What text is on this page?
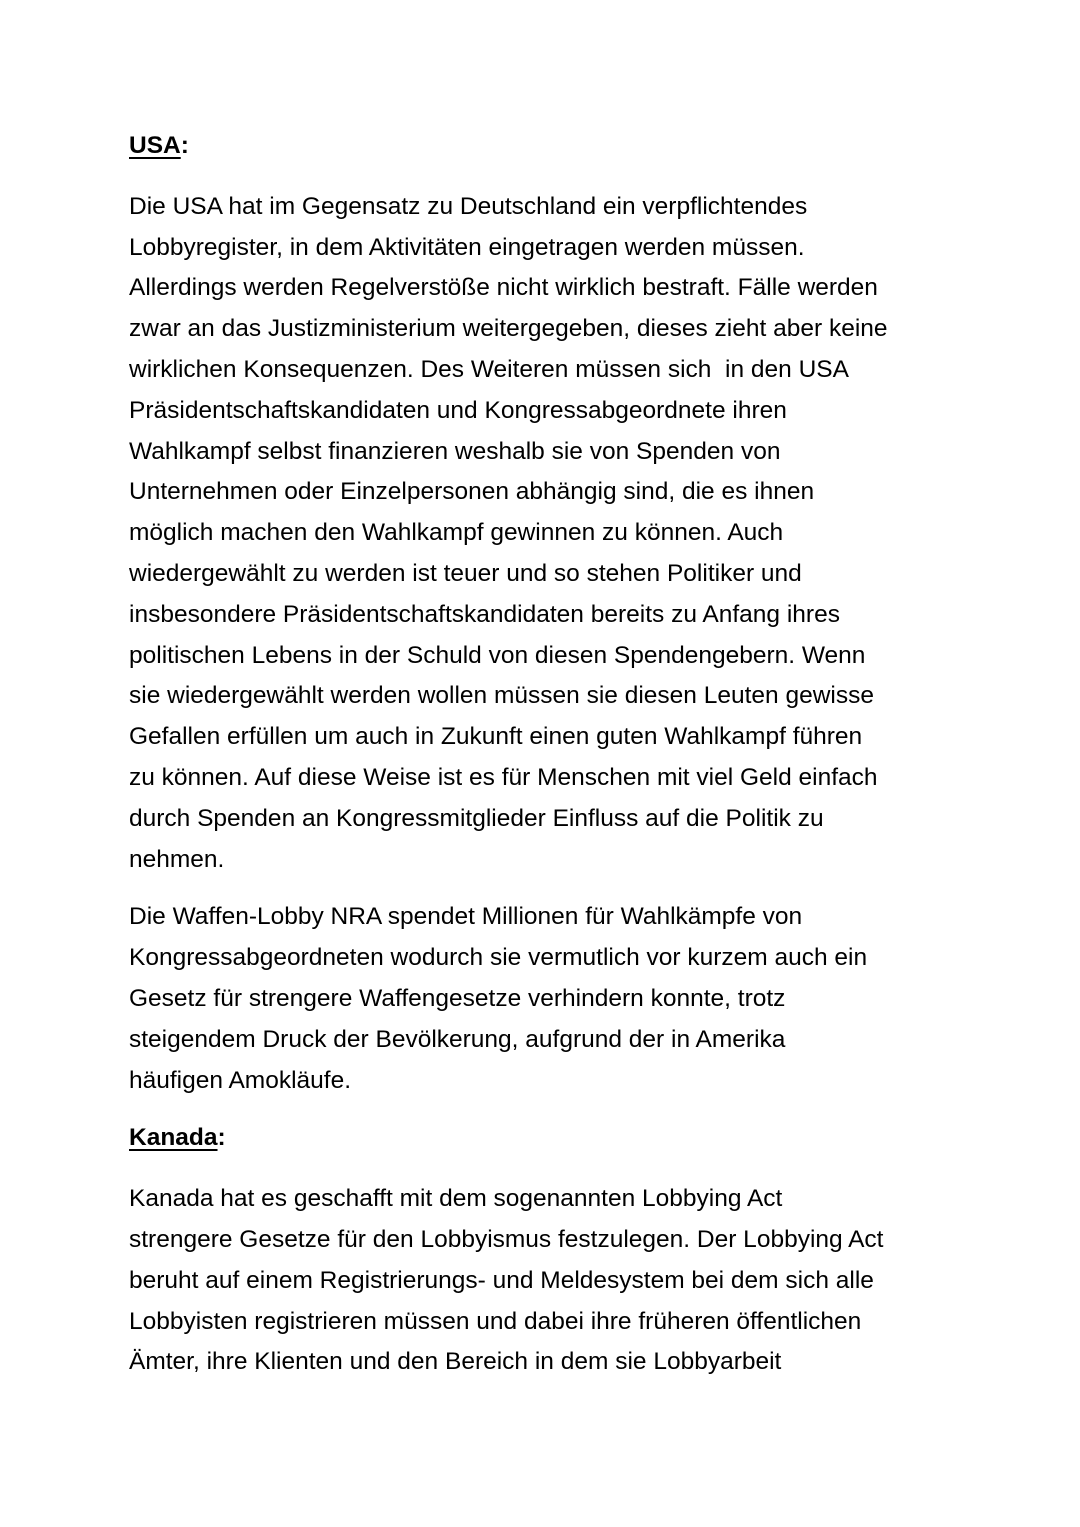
USA:

Die USA hat im Gegensatz zu Deutschland ein verpflichtendes
Lobbyregister, in dem Aktivitäten eingetragen werden müssen.
Allerdings werden Regelverstöße nicht wirklich bestraft. Fälle werden
zwar an das Justizministerium weitergegeben, dieses zieht aber keine
wirklichen Konsequenzen. Des Weiteren müssen sich  in den USA
Präsidentschaftskandidaten und Kongressabgeordnete ihren
Wahlkampf selbst finanzieren weshalb sie von Spenden von
Unternehmen oder Einzelpersonen abhängig sind, die es ihnen
möglich machen den Wahlkampf gewinnen zu können. Auch
wiedergewählt zu werden ist teuer und so stehen Politiker und
insbesondere Präsidentschaftskandidaten bereits zu Anfang ihres
politischen Lebens in der Schuld von diesen Spendengebern. Wenn
sie wiedergewählt werden wollen müssen sie diesen Leuten gewisse
Gefallen erfüllen um auch in Zukunft einen guten Wahlkampf führen
zu können. Auf diese Weise ist es für Menschen mit viel Geld einfach
durch Spenden an Kongressmitglieder Einfluss auf die Politik zu
nehmen.

Die Waffen-Lobby NRA spendet Millionen für Wahlkämpfe von
Kongressabgeordneten wodurch sie vermutlich vor kurzem auch ein
Gesetz für strengere Waffengesetze verhindern konnte, trotz
steigendem Druck der Bevölkerung, aufgrund der in Amerika
häufigen Amokläufe.

Kanada:

Kanada hat es geschafft mit dem sogenannten Lobbying Act
strengere Gesetze für den Lobbyismus festzulegen. Der Lobbying Act
beruht auf einem Registrierungs- und Meldesystem bei dem sich alle
Lobbyisten registrieren müssen und dabei ihre früheren öffentlichen
Ämter, ihre Klienten und den Bereich in dem sie Lobbyarbeit
